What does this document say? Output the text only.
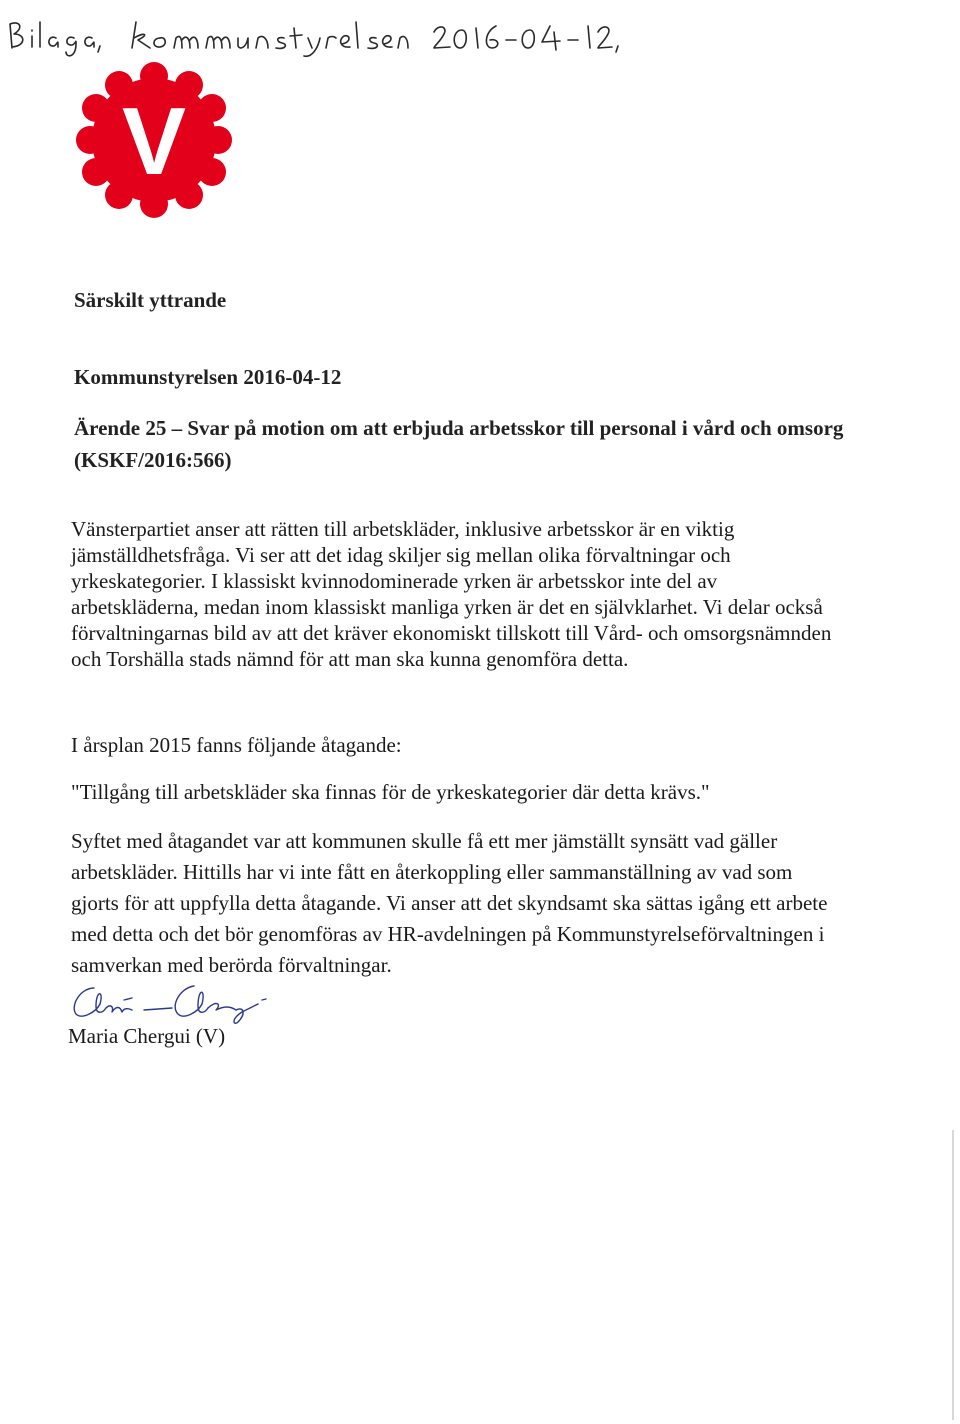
V
Särskilt yttrande
Kommunstyrelsen 2016-04-12
Ärende 25 – Svar på motion om att erbjuda arbetsskor till personal i vård och omsorg (KSKF/2016:566)

Vänsterpartiet anser att rätten till arbetskläder, inklusive arbetsskor är en viktig jämställdhetsfråga. Vi ser att det idag skiljer sig mellan olika förvaltningar och yrkeskategorier. I klassiskt kvinnodominerade yrken är arbetsskor inte del av arbetskläderna, medan inom klassiskt manliga yrken är det en självklarhet. Vi delar också förvaltningarnas bild av att det kräver ekonomiskt tillskott till Vård- och omsorgsnämnden och Torshälla stads nämnd för att man ska kunna genomföra detta.

I årsplan 2015 fanns följande åtagande:

"Tillgång till arbetskläder ska finnas för de yrkeskategorier där detta krävs."

Syftet med åtagandet var att kommunen skulle få ett mer jämställt synsätt vad gäller arbetskläder. Hittills har vi inte fått en återkoppling eller sammanställning av vad som gjorts för att uppfylla detta åtagande. Vi anser att det skyndsamt ska sättas igång ett arbete med detta och det bör genomföras av HR-avdelningen på Kommunstyrelseförvaltningen i samverkan med berörda förvaltningar.

Maria Chergui (V)
